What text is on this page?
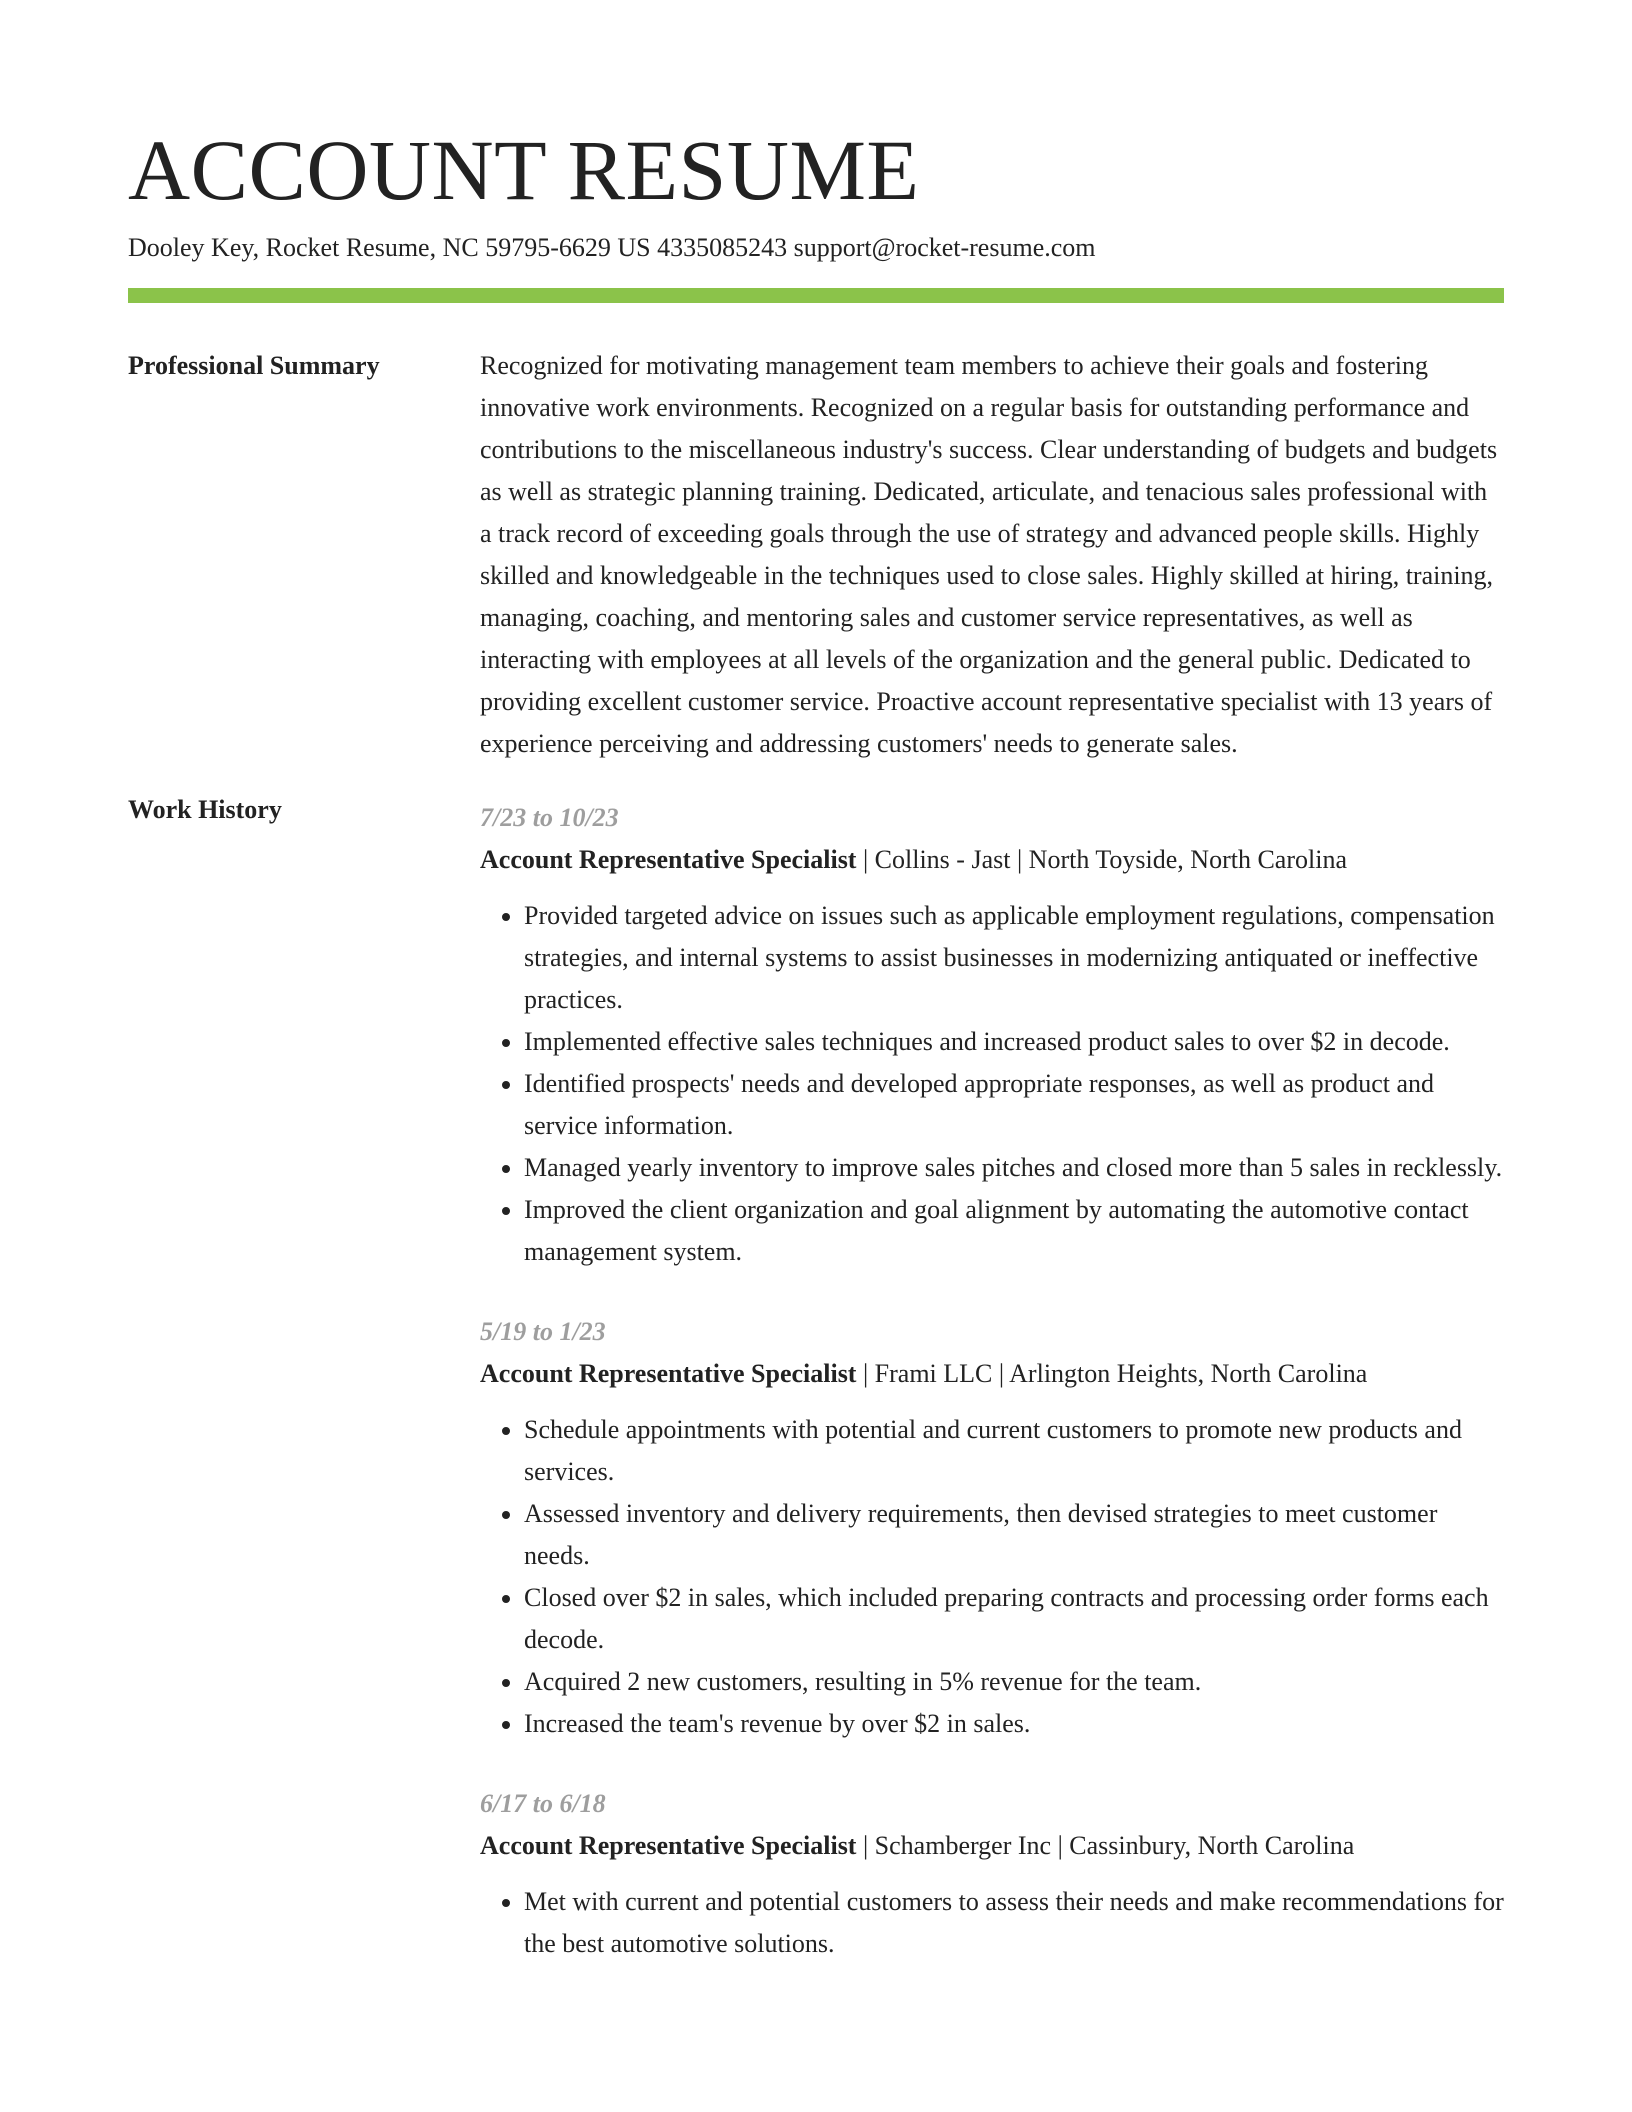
ACCOUNT RESUME
Dooley Key, Rocket Resume, NC 59795-6629 US 4335085243 support@rocket-resume.com
Professional Summary	Recognized for motivating management team members to achieve their goals and fostering innovative work environments. Recognized on a regular basis for outstanding performance and contributions to the miscellaneous industry's success. Clear understanding of budgets and budgets as well as strategic planning training. Dedicated, articulate, and tenacious sales professional with a track record of exceeding goals through the use of strategy and advanced people skills. Highly skilled and knowledgeable in the techniques used to close sales. Highly skilled at hiring, training, managing, coaching, and mentoring sales and customer service representatives, as well as interacting with employees at all levels of the organization and the general public. Dedicated to providing excellent customer service. Proactive account representative specialist with 13 years of experience perceiving and addressing customers' needs to generate sales.

Work History	7/23 to 10/23
Account Representative Specialist | Collins - Jast | North Toyside, North Carolina
• Provided targeted advice on issues such as applicable employment regulations, compensation strategies, and internal systems to assist businesses in modernizing antiquated or ineffective practices.
• Implemented effective sales techniques and increased product sales to over $2 in decode.
• Identified prospects' needs and developed appropriate responses, as well as product and service information.
• Managed yearly inventory to improve sales pitches and closed more than 5 sales in recklessly.
• Improved the client organization and goal alignment by automating the automotive contact management system.
5/19 to 1/23
Account Representative Specialist | Frami LLC | Arlington Heights, North Carolina
• Schedule appointments with potential and current customers to promote new products and services.
• Assessed inventory and delivery requirements, then devised strategies to meet customer needs.
• Closed over $2 in sales, which included preparing contracts and processing order forms each decode.
• Acquired 2 new customers, resulting in 5% revenue for the team.
• Increased the team's revenue by over $2 in sales.
6/17 to 6/18
Account Representative Specialist | Schamberger Inc | Cassinbury, North Carolina
• Met with current and potential customers to assess their needs and make recommendations for the best automotive solutions.
